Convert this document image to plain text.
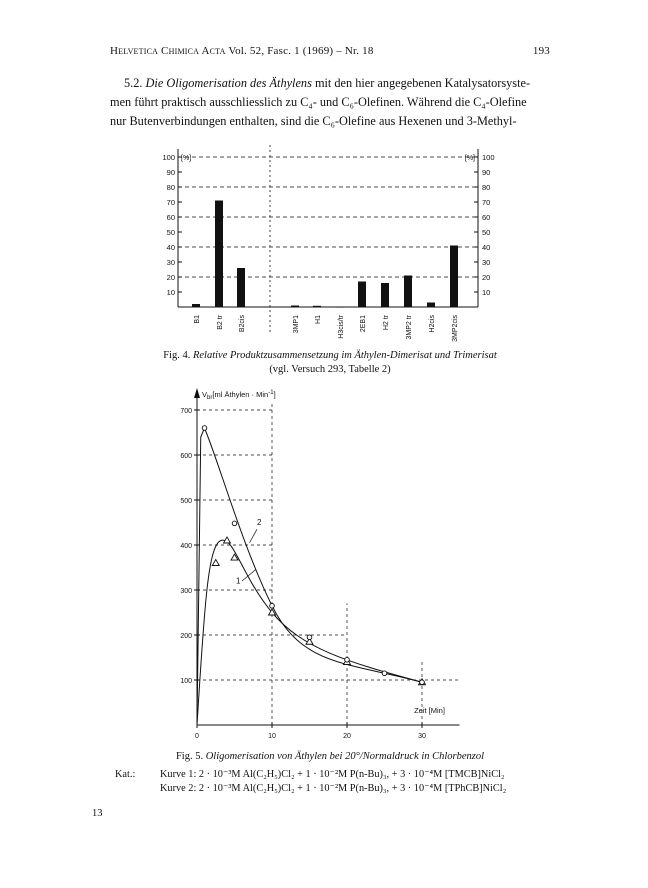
Helvetica Chimica Acta Vol. 52, Fasc. 1 (1969) – Nr. 18	193

5.2. Die Oligomerisation des Äthylens mit den hier angegebenen Katalysatorsyste-

men führt praktisch ausschliesslich zu C₄- und C₆-Olefinen. Während die C₄-Olefine
nur Butenverbindungen enthalten, sind die C₆-Olefine aus Hexenen und 3-Methyl-
10	10
20	20
30	30
40	40
50	50
60	60
70	70
80	80
90	90
100	100
[%]	[%]
B1 B2 tr B2cis	3MP1 H1 H3cis/tr 2EB1 H2 tr 3MP2 tr H2cis 3MP2cis
Fig. 4. Relative Produktzusammensetzung im Äthylen-Dimerisat und Trimerisat
(vgl. Versuch 293, Tabelle 2)
$V_{br}[ml$ Äthylen · Min$^{-1}$]
Zeit [Min]
100
200
300
400
500
600
700
0	10	20	30
2
1
Fig. 5. Oligomerisation von Äthylen bei 20°/Normaldruck in Chlorbenzol
Kat.:	Kurve 1: 2 · 10⁻³M Al(C₂H₅)Cl₂ + 1 · 10⁻²M P(n-Bu)₃, + 3 · 10⁻⁴M [TMCB]NiCl₂
Kurve 2: 2 · 10⁻³M Al(C₂H₅)Cl₂ + 1 · 10⁻²M P(n-Bu)₃, + 3 · 10⁻⁴M [TPhCB]NiCl₂
13
